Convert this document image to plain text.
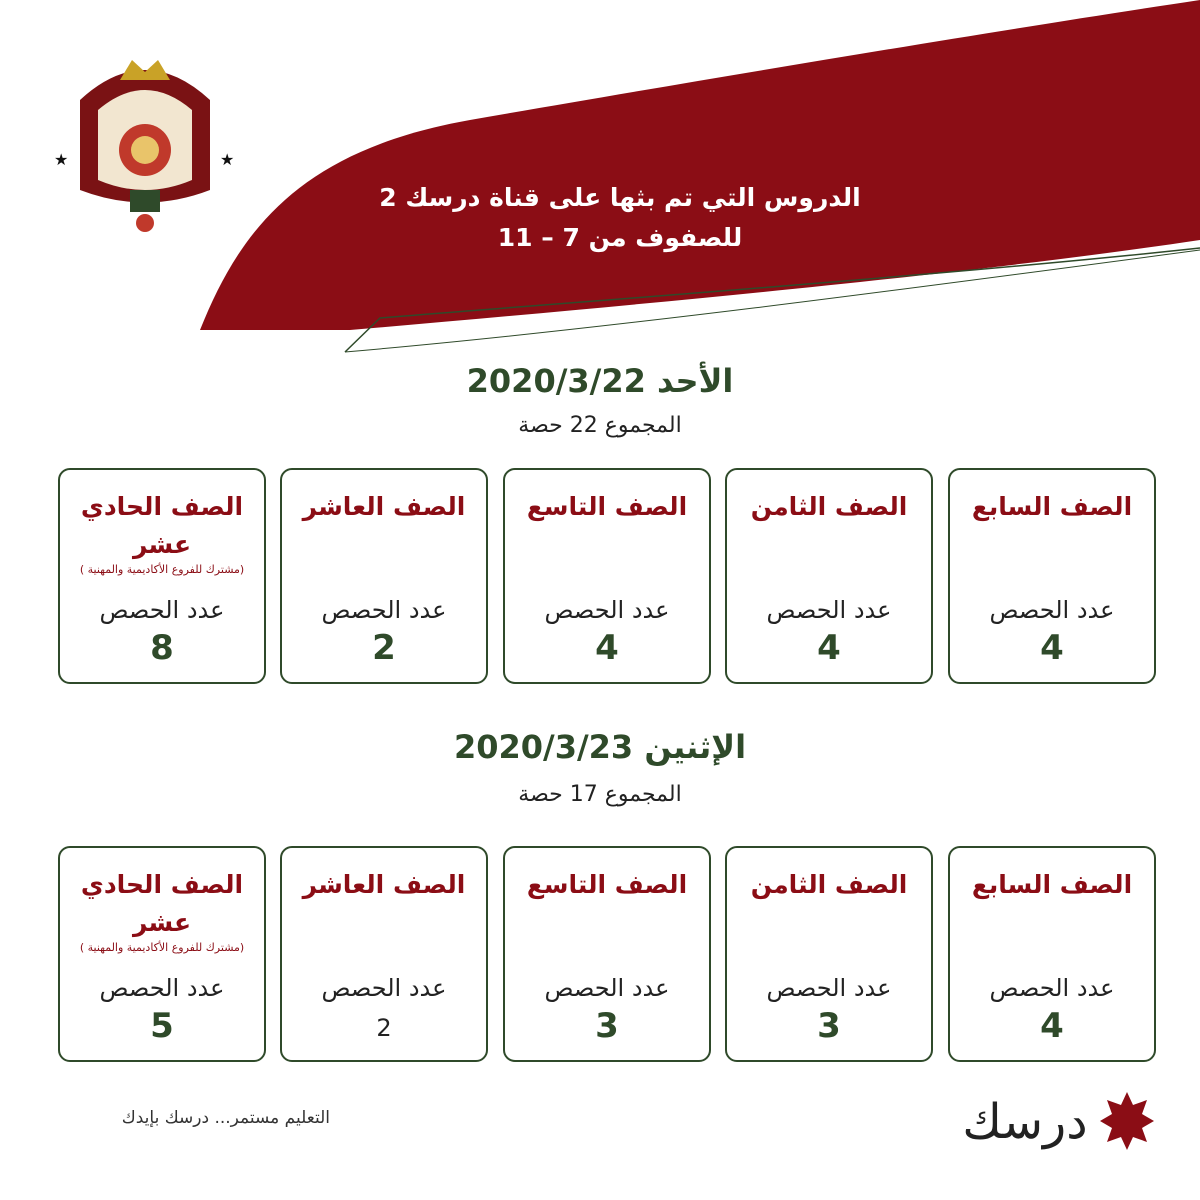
★	★
الدروس التي تم بثها على قناة درسك 2
للصفوف من 7 – 11
الأحد 2020/3/22
المجموع 22 حصة
الصف السابع
عدد الحصص
4
الصف الثامن
عدد الحصص
4
الصف التاسع
عدد الحصص
4
الصف العاشر
عدد الحصص
2
الصف الحادي عشر
(مشترك للفروع الأكاديمية والمهنية )
عدد الحصص
8
الإثنين 2020/3/23
المجموع 17 حصة
الصف السابع
عدد الحصص
4
الصف الثامن
عدد الحصص
3
الصف التاسع
عدد الحصص
3
الصف العاشر
عدد الحصص
2
الصف الحادي عشر
(مشترك للفروع الأكاديمية والمهنية )
عدد الحصص
5
التعليم مستمر... درسك بإيدك	درسك
